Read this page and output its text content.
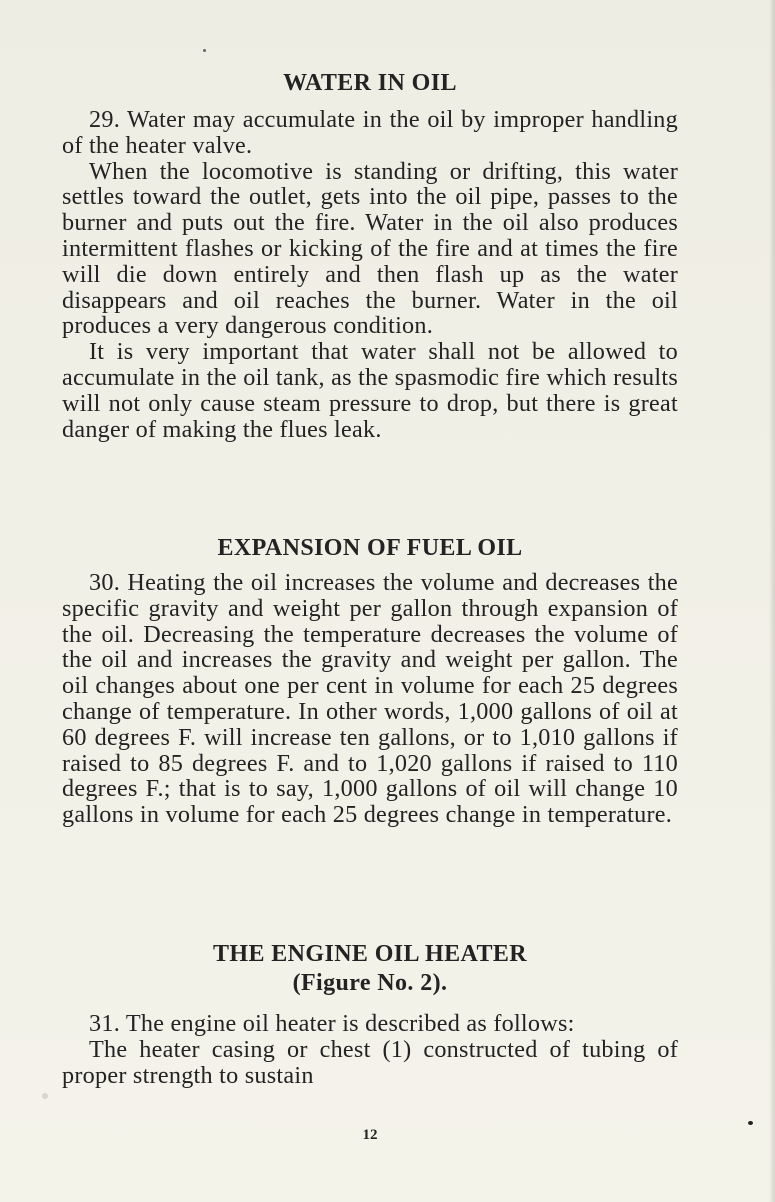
WATER IN OIL

29. Water may accumulate in the oil by improper handling of the heater valve.

When the locomotive is standing or drifting, this water settles toward the outlet, gets into the oil pipe, passes to the burner and puts out the fire. Water in the oil also produces intermittent flashes or kicking of the fire and at times the fire will die down entirely and then flash up as the water disappears and oil reaches the burner. Water in the oil produces a very dangerous condition.

It is very important that water shall not be allowed to accumulate in the oil tank, as the spasmodic fire which results will not only cause steam pressure to drop, but there is great danger of making the flues leak.

EXPANSION OF FUEL OIL

30. Heating the oil increases the volume and decreases the specific gravity and weight per gallon through expansion of the oil. Decreasing the temperature decreases the volume of the oil and increases the gravity and weight per gallon. The oil changes about one per cent in volume for each 25 degrees change of temperature. In other words, 1,000 gallons of oil at 60 degrees F. will increase ten gallons, or to 1,010 gallons if raised to 85 degrees F. and to 1,020 gallons if raised to 110 degrees F.; that is to say, 1,000 gallons of oil will change 10 gallons in volume for each 25 degrees change in temperature.

THE ENGINE OIL HEATER
(Figure No. 2).

31. The engine oil heater is described as follows:

The heater casing or chest (1) constructed of tubing of proper strength to sustain

12
